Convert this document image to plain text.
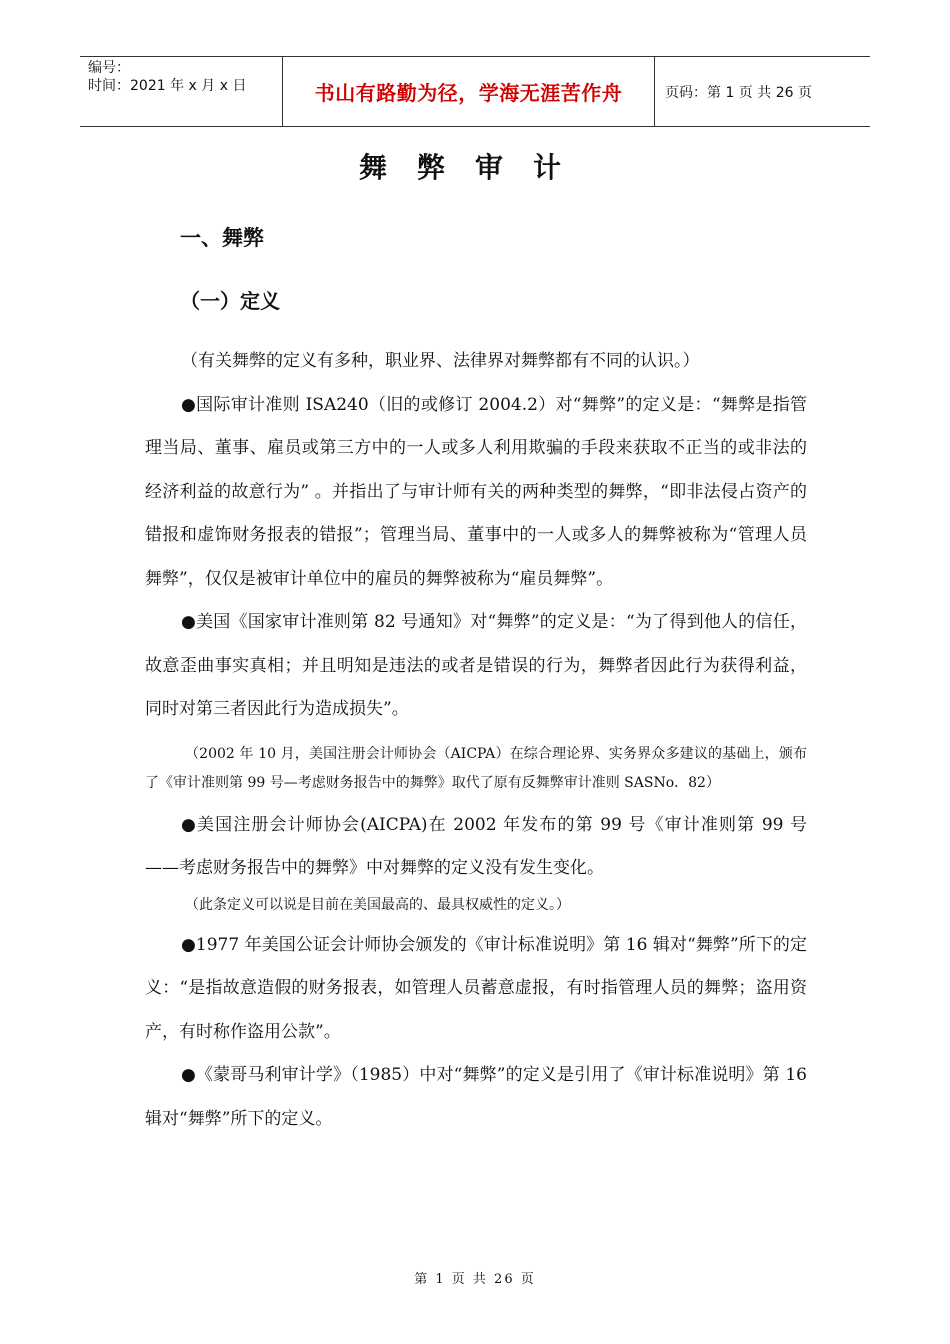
编号：
时间：2021 年 x 月 x 日	书山有路勤为径，学海无涯苦作舟	页码：第 1 页 共 26 页
舞弊审计
一、舞弊
（一）定义

（有关舞弊的定义有多种，职业界、法律界对舞弊都有不同的认识。）

●国际审计准则 ISA240（旧的或修订 2004.2）对“舞弊”的定义是：“舞弊是指管理当局、董事、雇员或第三方中的一人或多人利用欺骗的手段来获取不正当的或非法的经济利益的故意行为” 。并指出了与审计师有关的两种类型的舞弊，“即非法侵占资产的错报和虚饰财务报表的错报”；管理当局、董事中的一人或多人的舞弊被称为“管理人员舞弊”，仅仅是被审计单位中的雇员的舞弊被称为“雇员舞弊”。

●美国《国家审计准则第 82 号通知》对“舞弊”的定义是：“为了得到他人的信任，故意歪曲事实真相；并且明知是违法的或者是错误的行为，舞弊者因此行为获得利益，同时对第三者因此行为造成损失”。

（2002 年 10 月，美国注册会计师协会（AICPA）在综合理论界、实务界众多建议的基础上，颁布了《审计准则第 99 号—考虑财务报告中的舞弊》取代了原有反舞弊审计准则 SASNo．82）

●美国注册会计师协会(AICPA)在 2002 年发布的第 99 号《审计准则第 99 号——考虑财务报告中的舞弊》中对舞弊的定义没有发生变化。

（此条定义可以说是目前在美国最高的、最具权威性的定义。）

●1977 年美国公证会计师协会颁发的《审计标准说明》第 16 辑对“舞弊”所下的定义：“是指故意造假的财务报表，如管理人员蓄意虚报，有时指管理人员的舞弊；盗用资产，有时称作盗用公款”。

●《蒙哥马利审计学》（1985）中对“舞弊”的定义是引用了《审计标准说明》第 16 辑对“舞弊”所下的定义。

第 1 页 共 26 页
